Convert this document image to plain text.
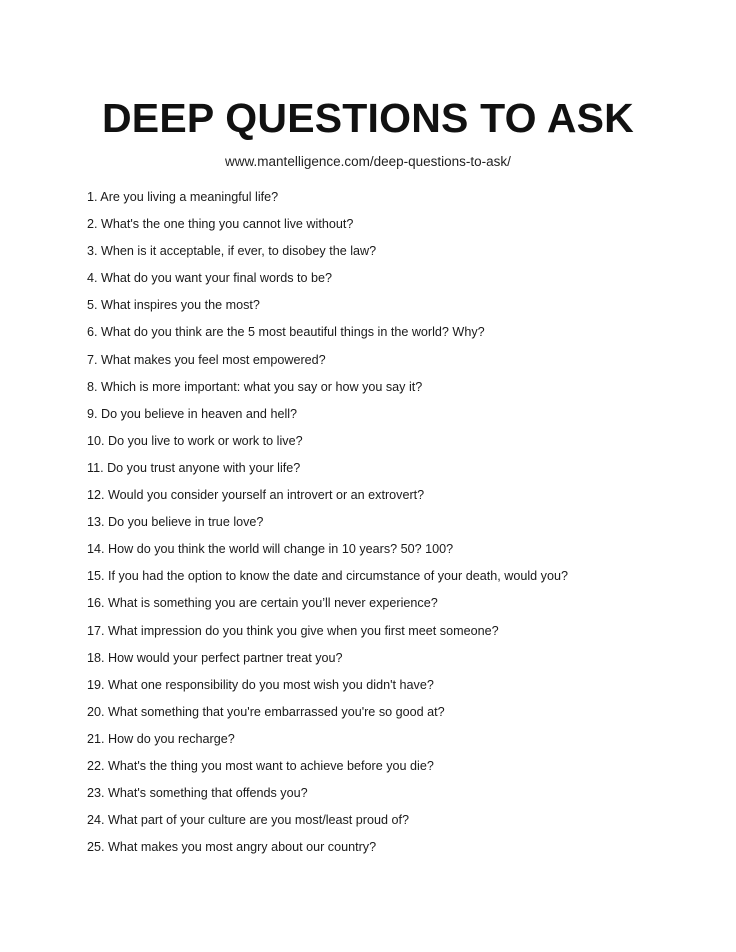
DEEP QUESTIONS TO ASK
www.mantelligence.com/deep-questions-to-ask/
1. Are you living a meaningful life?
2. What's the one thing you cannot live without?
3. When is it acceptable, if ever, to disobey the law?
4. What do you want your final words to be?
5. What inspires you the most?
6. What do you think are the 5 most beautiful things in the world? Why?
7. What makes you feel most empowered?
8. Which is more important: what you say or how you say it?
9. Do you believe in heaven and hell?
10. Do you live to work or work to live?
11. Do you trust anyone with your life?
12. Would you consider yourself an introvert or an extrovert?
13. Do you believe in true love?
14. How do you think the world will change in 10 years? 50? 100?
15. If you had the option to know the date and circumstance of your death, would you?
16. What is something you are certain you’ll never experience?
17. What impression do you think you give when you first meet someone?
18. How would your perfect partner treat you?
19. What one responsibility do you most wish you didn't have?
20. What something that you're embarrassed you're so good at?
21. How do you recharge?
22. What's the thing you most want to achieve before you die?
23. What's something that offends you?
24. What part of your culture are you most/least proud of?
25. What makes you most angry about our country?
